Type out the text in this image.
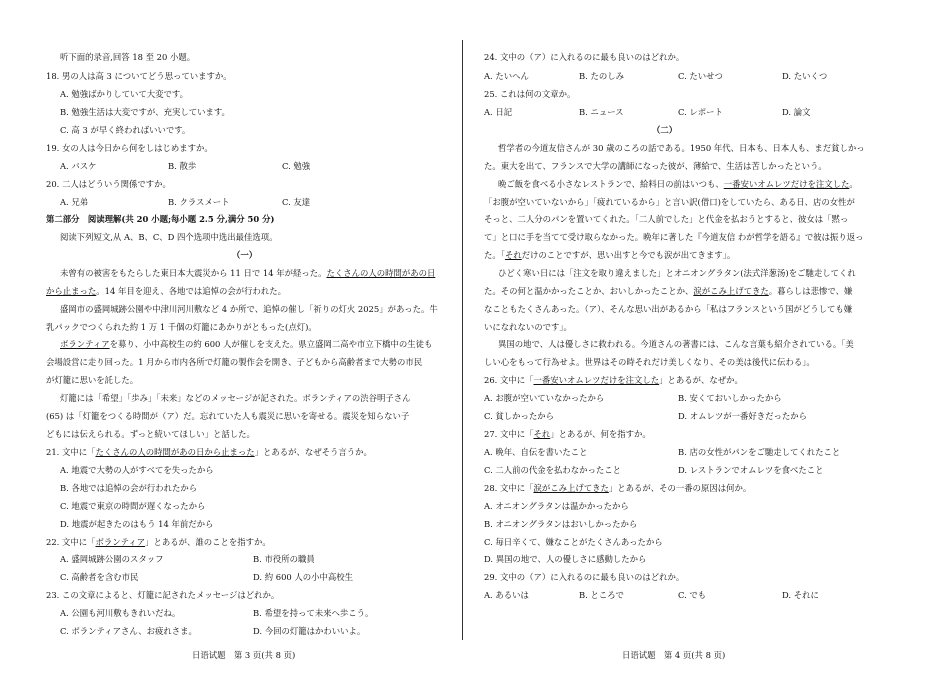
听下面的录音,回答 18 至 20 小题。
18. 男の人は高 3 についてどう思っていますか。
A. 勉強ばかりしていて大変です。
B. 勉強生活は大変ですが、充実しています。
C. 高 3 が早く終わればいいです。
19. 女の人は今日から何をしはじめますか。
A. バスケ	B. 散歩	C. 勉強
20. 二人はどういう関係ですか。
A. 兄弟	B. クラスメート	C. 友達
第二部分　阅读理解(共 20 小题;每小题 2.5 分,满分 50 分)
阅读下列短文,从 A、B、C、D 四个选项中选出最佳选项。
（一）
未曾有の被害をもたらした東日本大震災から 11 日で 14 年が経った。たくさんの人の時間があの日
から止まった。14 年目を迎え、各地では追悼の会が行われた。
盛岡市の盛岡城跡公園や中津川河川敷など 4 か所で、追悼の催し「祈りの灯火 2025」があった。牛
乳パックでつくられた約 1 万 1 千個の灯籠にあかりがともった(点灯)。
ボランティアを募り、小中高校生の約 600 人が催しを支えた。県立盛岡二高や市立下橋中の生徒も
会場設営に走り回った。1 月から市内各所で灯籠の製作会を開き、子どもから高齢者まで大勢の市民
が灯籠に思いを託した。
灯籠には「希望」「歩み」「未来」などのメッセージが記された。ボランティアの渋谷明子さん
(65) は「灯籠をつくる時間が（ア）だ。忘れていた人も震災に思いを寄せる。震災を知らない子
どもには伝えられる。ずっと続いてほしい」と話した。
21. 文中に「たくさんの人の時間があの日から止まった」とあるが、なぜそう言うか。
A. 地震で大勢の人がすべてを失ったから
B. 各地では追悼の会が行われたから
C. 地震で東京の時間が遅くなったから
D. 地震が起きたのはもう 14 年前だから
22. 文中に「ボランティア」とあるが、誰のことを指すか。
A. 盛岡城跡公園のスタッフ	B. 市役所の職員
C. 高齢者を含む市民	D. 約 600 人の小中高校生
23. この文章によると、灯籠に記されたメッセージはどれか。
A. 公園も河川敷もきれいだね。	B. 希望を持って未来へ歩こう。
C. ボランティアさん、お疲れさま。	D. 今回の灯籠はかわいいよ。
日语试题　第 3 页(共 8 页)
24. 文中の（ア）に入れるのに最も良いのはどれか。
A. たいへん	B. たのしみ	C. たいせつ	D. たいくつ
25. これは何の文章か。
A. 日記	B. ニュース	C. レポート	D. 論文
（二）
哲学者の今道友信さんが 30 歳のころの話である。1950 年代、日本も、日本人も、まだ貧しかっ
た。東大を出て、フランスで大学の講師になった彼が、薄給で、生活は苦しかったという。
晩ご飯を食べる小さなレストランで、給料日の前はいつも、一番安いオムレツだけを注文した。
「お腹が空いていないから」「疲れているから」と言い訳(借口)をしていたら、ある日、店の女性が
そっと、二人分のパンを置いてくれた。「二人前でした」と代金を払おうとすると、彼女は「黙っ
て」と口に手を当てて受け取らなかった。晩年に著した『今道友信 わが哲学を語る』で彼は振り返っ
た。「それだけのことですが、思い出すと今でも涙が出てきます」。
ひどく寒い日には「注文を取り違えました」とオニオングラタン(法式洋葱汤)をご馳走してくれ
た。その何と温かかったことか、おいしかったことか、涙がこみ上げてきた。暮らしは悲惨で、嫌
なこともたくさんあった。（ア）、そんな思い出があるから「私はフランスという国がどうしても嫌
いになれないのです」。
異国の地で、人は優しさに救われる。今道さんの著書には、こんな言葉も紹介されている。「美
しい心をもって行為せよ。世界はその時それだけ美しくなり、その美は後代に伝わる」。
26. 文中に「一番安いオムレツだけを注文した」とあるが、なぜか。
A. お腹が空いていなかったから	B. 安くておいしかったから
C. 貧しかったから	D. オムレツが一番好きだったから
27. 文中に「それ」とあるが、何を指すか。
A. 晩年、自伝を書いたこと	B. 店の女性がパンをご馳走してくれたこと
C. 二人前の代金を払わなかったこと	D. レストランでオムレツを食べたこと
28. 文中に「涙がこみ上げてきた」とあるが、その一番の原因は何か。
A. オニオングラタンは温かかったから
B. オニオングラタンはおいしかったから
C. 毎日辛くて、嫌なことがたくさんあったから
D. 異国の地で、人の優しさに感動したから
29. 文中の（ア）に入れるのに最も良いのはどれか。
A. あるいは	B. ところで	C. でも	D. それに
日语试题　第 4 页(共 8 页)
